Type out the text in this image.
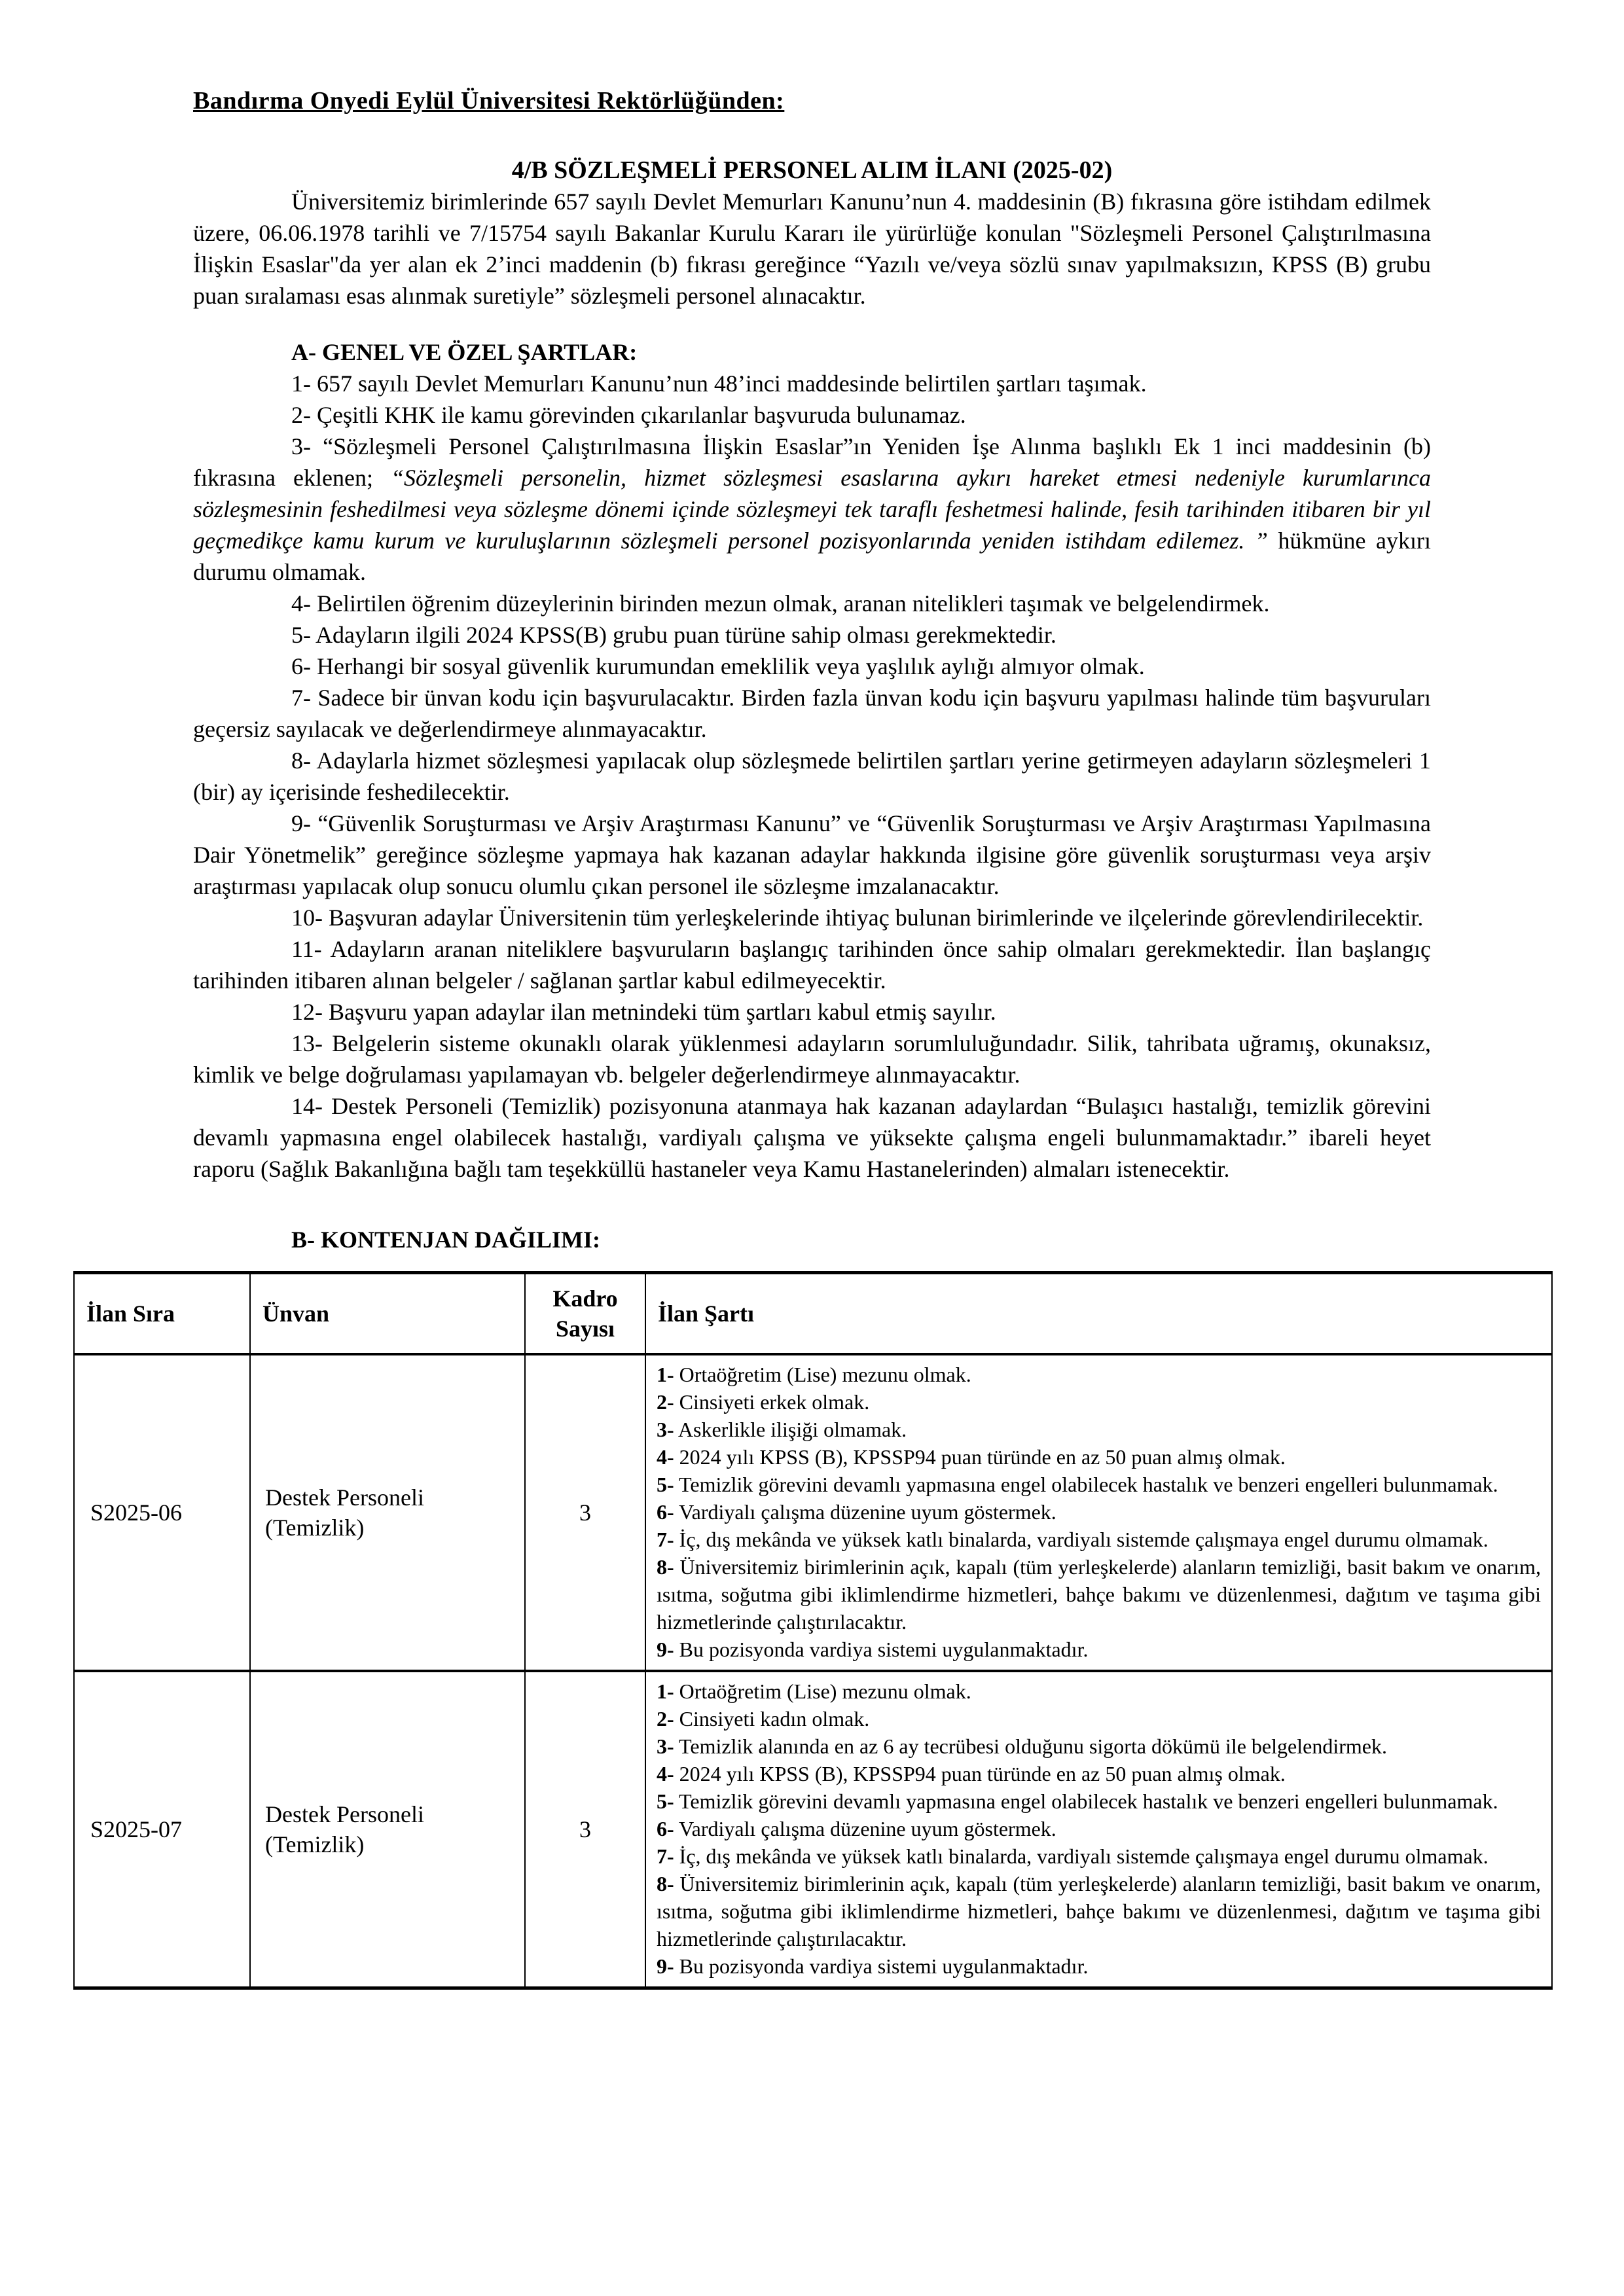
Bandırma Onyedi Eylül Üniversitesi Rektörlüğünden:
4/B SÖZLEŞMELİ PERSONEL ALIM İLANI (2025-02)

Üniversitemiz birimlerinde 657 sayılı Devlet Memurları Kanunu’nun 4. maddesinin (B) fıkrasına göre istihdam edilmek üzere, 06.06.1978 tarihli ve 7/15754 sayılı Bakanlar Kurulu Kararı ile yürürlüğe konulan "Sözleşmeli Personel Çalıştırılmasına İlişkin Esaslar"da yer alan ek 2’inci maddenin (b) fıkrası gereğince “Yazılı ve/veya sözlü sınav yapılmaksızın, KPSS (B) grubu puan sıralaması esas alınmak suretiyle” sözleşmeli personel alınacaktır.

A- GENEL VE ÖZEL ŞARTLAR:

1- 657 sayılı Devlet Memurları Kanunu’nun 48’inci maddesinde belirtilen şartları taşımak.

2- Çeşitli KHK ile kamu görevinden çıkarılanlar başvuruda bulunamaz.

3- “Sözleşmeli Personel Çalıştırılmasına İlişkin Esaslar”ın Yeniden İşe Alınma başlıklı Ek 1 inci maddesinin (b) fıkrasına eklenen; “Sözleşmeli personelin, hizmet sözleşmesi esaslarına aykırı hareket etmesi nedeniyle kurumlarınca sözleşmesinin feshedilmesi veya sözleşme dönemi içinde sözleşmeyi tek taraflı feshetmesi halinde, fesih tarihinden itibaren bir yıl geçmedikçe kamu kurum ve kuruluşlarının sözleşmeli personel pozisyonlarında yeniden istihdam edilemez. ” hükmüne aykırı durumu olmamak.

4- Belirtilen öğrenim düzeylerinin birinden mezun olmak, aranan nitelikleri taşımak ve belgelendirmek.

5- Adayların ilgili 2024 KPSS(B) grubu puan türüne sahip olması gerekmektedir.

6- Herhangi bir sosyal güvenlik kurumundan emeklilik veya yaşlılık aylığı almıyor olmak.

7- Sadece bir ünvan kodu için başvurulacaktır. Birden fazla ünvan kodu için başvuru yapılması halinde tüm başvuruları geçersiz sayılacak ve değerlendirmeye alınmayacaktır.

8- Adaylarla hizmet sözleşmesi yapılacak olup sözleşmede belirtilen şartları yerine getirmeyen adayların sözleşmeleri 1 (bir) ay içerisinde feshedilecektir.

9- “Güvenlik Soruşturması ve Arşiv Araştırması Kanunu” ve “Güvenlik Soruşturması ve Arşiv Araştırması Yapılmasına Dair Yönetmelik” gereğince sözleşme yapmaya hak kazanan adaylar hakkında ilgisine göre güvenlik soruşturması veya arşiv araştırması yapılacak olup sonucu olumlu çıkan personel ile sözleşme imzalanacaktır.

10- Başvuran adaylar Üniversitenin tüm yerleşkelerinde ihtiyaç bulunan birimlerinde ve ilçelerinde görevlendirilecektir.

11- Adayların aranan niteliklere başvuruların başlangıç tarihinden önce sahip olmaları gerekmektedir. İlan başlangıç tarihinden itibaren alınan belgeler / sağlanan şartlar kabul edilmeyecektir.

12- Başvuru yapan adaylar ilan metnindeki tüm şartları kabul etmiş sayılır.

13- Belgelerin sisteme okunaklı olarak yüklenmesi adayların sorumluluğundadır. Silik, tahribata uğramış, okunaksız, kimlik ve belge doğrulaması yapılamayan vb. belgeler değerlendirmeye alınmayacaktır.

14- Destek Personeli (Temizlik) pozisyonuna atanmaya hak kazanan adaylardan “Bulaşıcı hastalığı, temizlik görevini devamlı yapmasına engel olabilecek hastalığı, vardiyalı çalışma ve yüksekte çalışma engeli bulunmamaktadır.” ibareli heyet raporu (Sağlık Bakanlığına bağlı tam teşekküllü hastaneler veya Kamu Hastanelerinden) almaları istenecektir.

B- KONTENJAN DAĞILIMI:

İlan Sıra	Ünvan	Kadro Sayısı	İlan Şartı
S2025-06	Destek Personeli (Temizlik)	3	

1- Ortaöğretim (Lise) mezunu olmak.

2- Cinsiyeti erkek olmak.

3- Askerlikle ilişiği olmamak.

4- 2024 yılı KPSS (B), KPSSP94 puan türünde en az 50 puan almış olmak.

5- Temizlik görevini devamlı yapmasına engel olabilecek hastalık ve benzeri engelleri bulunmamak.

6- Vardiyalı çalışma düzenine uyum göstermek.

7- İç, dış mekânda ve yüksek katlı binalarda, vardiyalı sistemde çalışmaya engel durumu olmamak.

8- Üniversitemiz birimlerinin açık, kapalı (tüm yerleşkelerde) alanların temizliği, basit bakım ve onarım, ısıtma, soğutma gibi iklimlendirme hizmetleri, bahçe bakımı ve düzenlenmesi, dağıtım ve taşıma gibi hizmetlerinde çalıştırılacaktır.

9- Bu pozisyonda vardiya sistemi uygulanmaktadır.

S2025-07	Destek Personeli (Temizlik)	3	

1- Ortaöğretim (Lise) mezunu olmak.

2- Cinsiyeti kadın olmak.

3- Temizlik alanında en az 6 ay tecrübesi olduğunu sigorta dökümü ile belgelendirmek.

4- 2024 yılı KPSS (B), KPSSP94 puan türünde en az 50 puan almış olmak.

5- Temizlik görevini devamlı yapmasına engel olabilecek hastalık ve benzeri engelleri bulunmamak.

6- Vardiyalı çalışma düzenine uyum göstermek.

7- İç, dış mekânda ve yüksek katlı binalarda, vardiyalı sistemde çalışmaya engel durumu olmamak.

8- Üniversitemiz birimlerinin açık, kapalı (tüm yerleşkelerde) alanların temizliği, basit bakım ve onarım, ısıtma, soğutma gibi iklimlendirme hizmetleri, bahçe bakımı ve düzenlenmesi, dağıtım ve taşıma gibi hizmetlerinde çalıştırılacaktır.

9- Bu pozisyonda vardiya sistemi uygulanmaktadır.
